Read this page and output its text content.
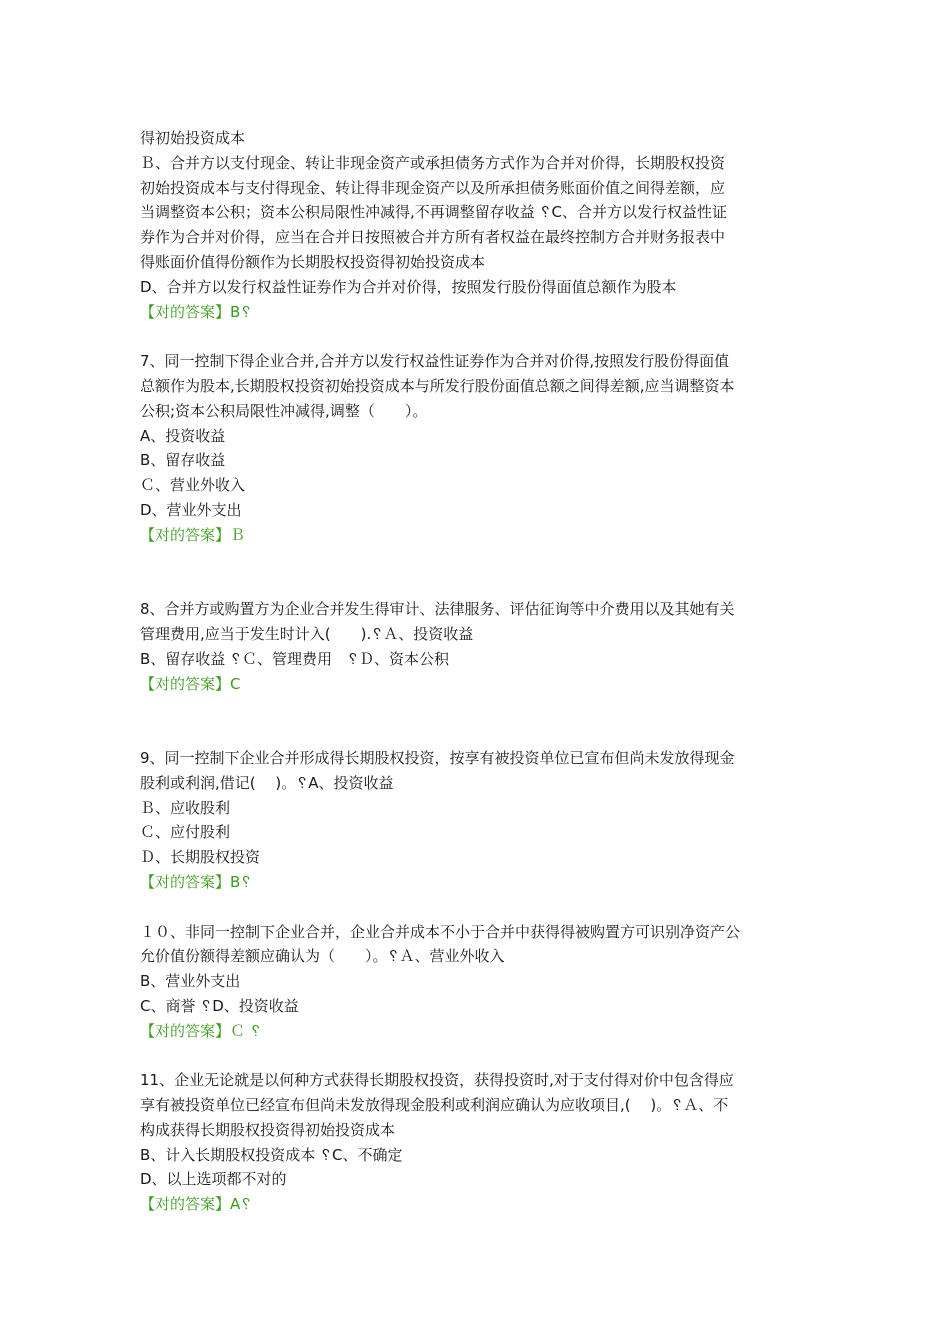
得初始投资成本
Ｂ、合并方以支付现金、转让非现金资产或承担债务方式作为合并对价得，长期股权投资
初始投资成本与支付得现金、转让得非现金资产以及所承担债务账面价值之间得差额，应
当调整资本公积；资本公积局限性冲减得,不再调整留存收益 ␦C、合并方以发行权益性证
券作为合并对价得，应当在合并日按照被合并方所有者权益在最终控制方合并财务报表中
得账面价值得份额作为长期股权投资得初始投资成本
D、合并方以发行权益性证券作为合并对价得，按照发行股份得面值总额作为股本
【对的答案】B␦
7、同一控制下得企业合并,合并方以发行权益性证券作为合并对价得,按照发行股份得面值
总额作为股本,长期股权投资初始投资成本与所发行股份面值总额之间得差额,应当调整资本
公积;资本公积局限性冲减得,调整（　　）。
A、投资收益
B、留存收益
Ｃ、营业外收入
D、营业外支出
【对的答案】Ｂ
8、合并方或购置方为企业合并发生得审计、法律服务、评估征询等中介费用以及其她有关
管理费用,应当于发生时计入(　　).␦Ａ、投资收益
B、留存收益 ␦Ｃ、管理费用　␦Ｄ、资本公积
【对的答案】C
9、同一控制下企业合并形成得长期股权投资，按享有被投资单位已宣布但尚未发放得现金
股利或利润,借记(　 )。␦A、投资收益
Ｂ、应收股利
Ｃ、应付股利
Ｄ、长期股权投资
【对的答案】B␦
１０、非同一控制下企业合并，企业合并成本不小于合并中获得得被购置方可识别净资产公
允价值份额得差额应确认为（　　）。␦Ａ、营业外收入
B、营业外支出
C、商誉 ␦D、投资收益
【对的答案】Ｃ ␦
11、企业无论就是以何种方式获得长期股权投资，获得投资时,对于支付得对价中包含得应
享有被投资单位已经宣布但尚未发放得现金股利或利润应确认为应收项目,(　 )。␦Ａ、不
构成获得长期股权投资得初始投资成本
B、计入长期股权投资成本 ␦C、不确定
D、以上选项都不对的
【对的答案】A␦
